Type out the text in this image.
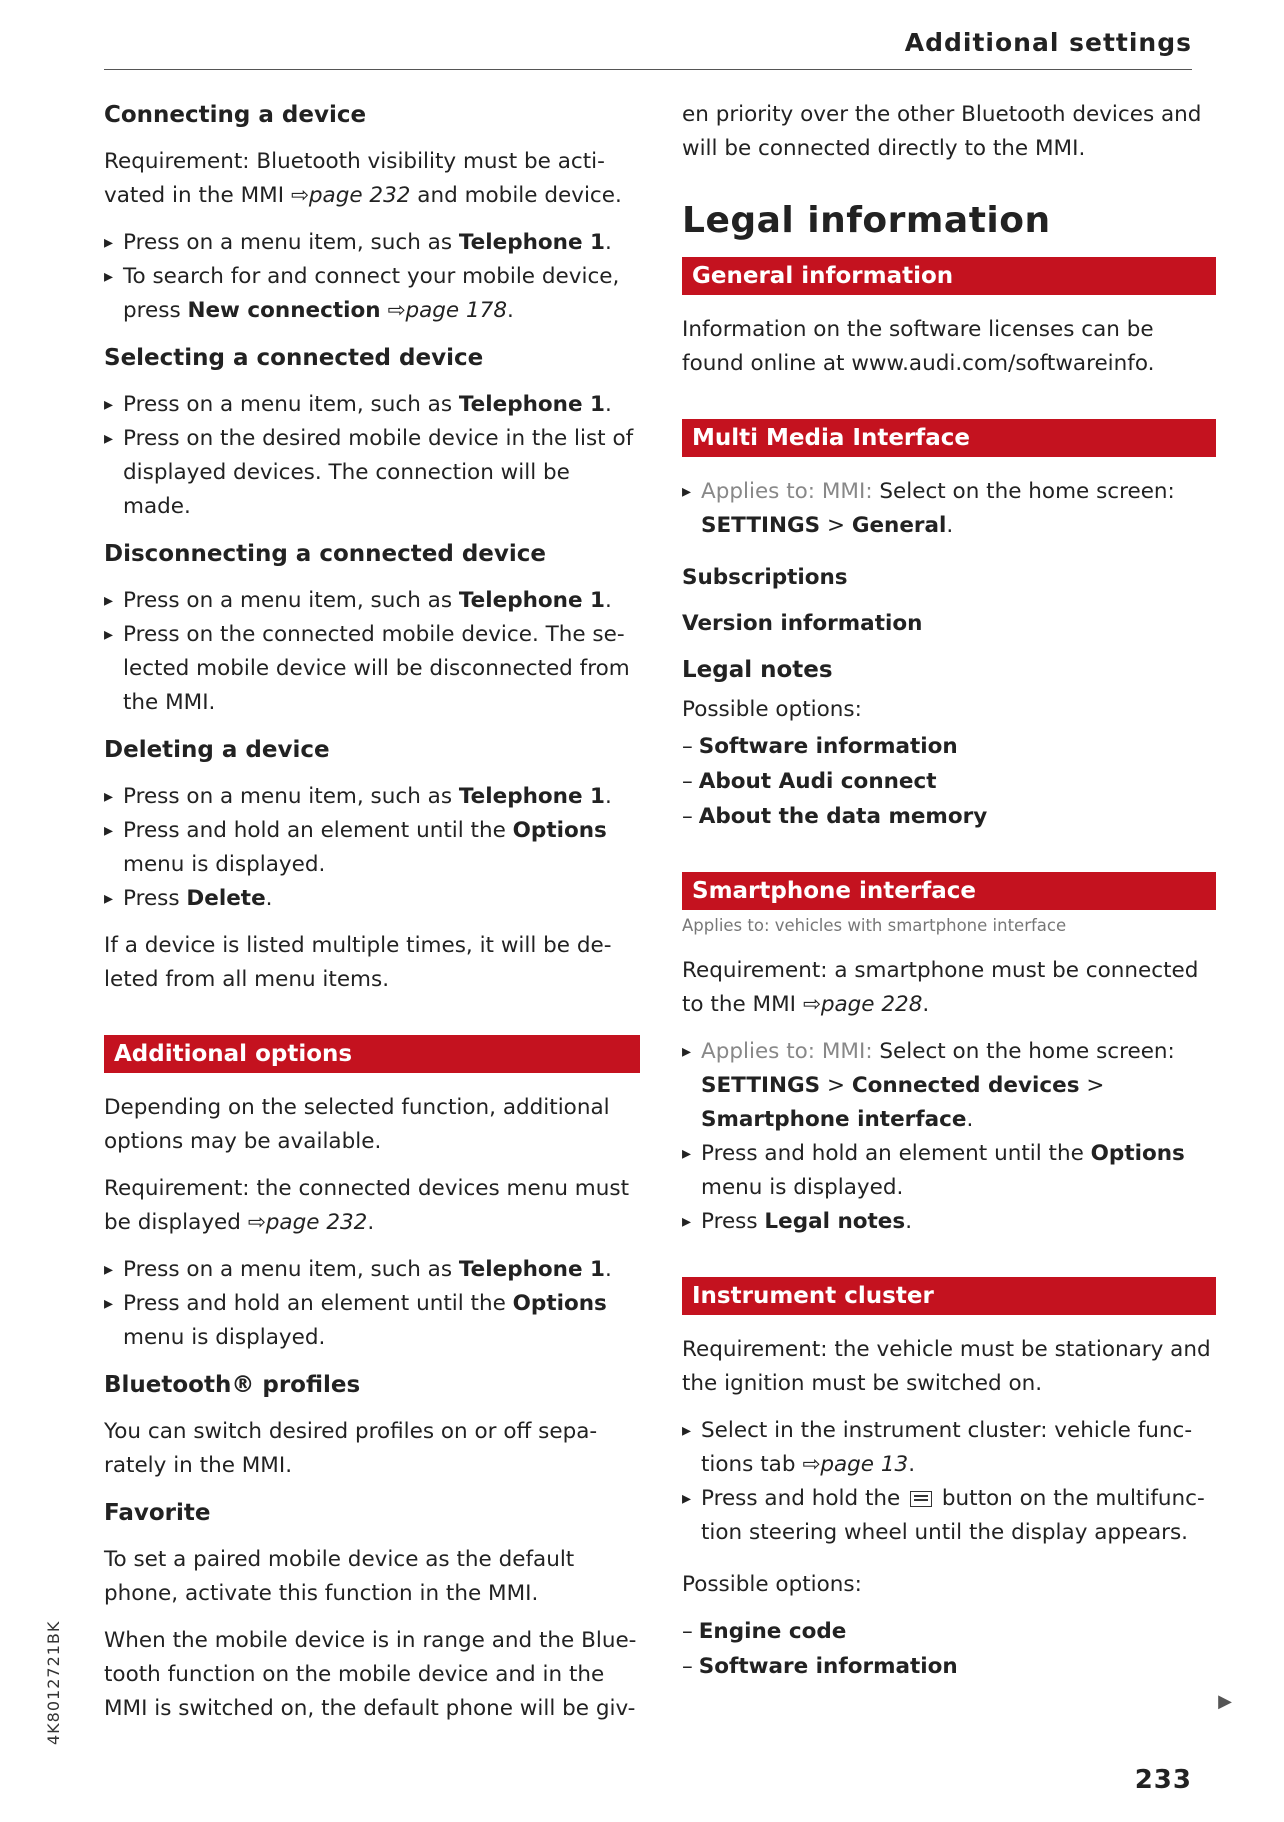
Additional settings
Connecting a device

Requirement: Bluetooth visibility must be acti-vated in the MMI ⇨page 232 and mobile device.

▸ Press on a menu item, such as Telephone 1.
▸ To search for and connect your mobile device, press New connection ⇨page 178.
Selecting a connected device
▸ Press on a menu item, such as Telephone 1.
▸ Press on the desired mobile device in the list of displayed devices. The connection will be made.
Disconnecting a connected device
▸ Press on a menu item, such as Telephone 1.
▸ Press on the connected mobile device. The se-lected mobile device will be disconnected from the MMI.
Deleting a device
▸ Press on a menu item, such as Telephone 1.
▸ Press and hold an element until the Options menu is displayed.
▸ Press Delete.

If a device is listed multiple times, it will be de-leted from all menu items.

Additional options

Depending on the selected function, additional options may be available.

Requirement: the connected devices menu must be displayed ⇨page 232.

▸ Press on a menu item, such as Telephone 1.
▸ Press and hold an element until the Options menu is displayed.
Bluetooth® profiles

You can switch desired profiles on or off sepa-rately in the MMI.

Favorite

To set a paired mobile device as the default phone, activate this function in the MMI.

When the mobile device is in range and the Blue-tooth function on the mobile device and in the MMI is switched on, the default phone will be giv-

en priority over the other Bluetooth devices and will be connected directly to the MMI.

Legal information
General information

Information on the software licenses can be found online at www.audi.com/softwareinfo.

Multi Media Interface
▸ Applies to: MMI: Select on the home screen: SETTINGS > General.
Subscriptions
Version information
Legal notes

Possible options:

– Software information
– About Audi connect
– About the data memory
Smartphone interface

Applies to: vehicles with smartphone interface

Requirement: a smartphone must be connected to the MMI ⇨page 228.

▸ Applies to: MMI: Select on the home screen: SETTINGS > Connected devices > Smartphone interface.
▸ Press and hold an element until the Options menu is displayed.
▸ Press Legal notes.
Instrument cluster

Requirement: the vehicle must be stationary and the ignition must be switched on.

▸ Select in the instrument cluster: vehicle func-tions tab ⇨page 13.
▸ Press and hold the  button on the multifunc-tion steering wheel until the display appears.

Possible options:

– Engine code
– Software information
▶
4K8012721BK
233
